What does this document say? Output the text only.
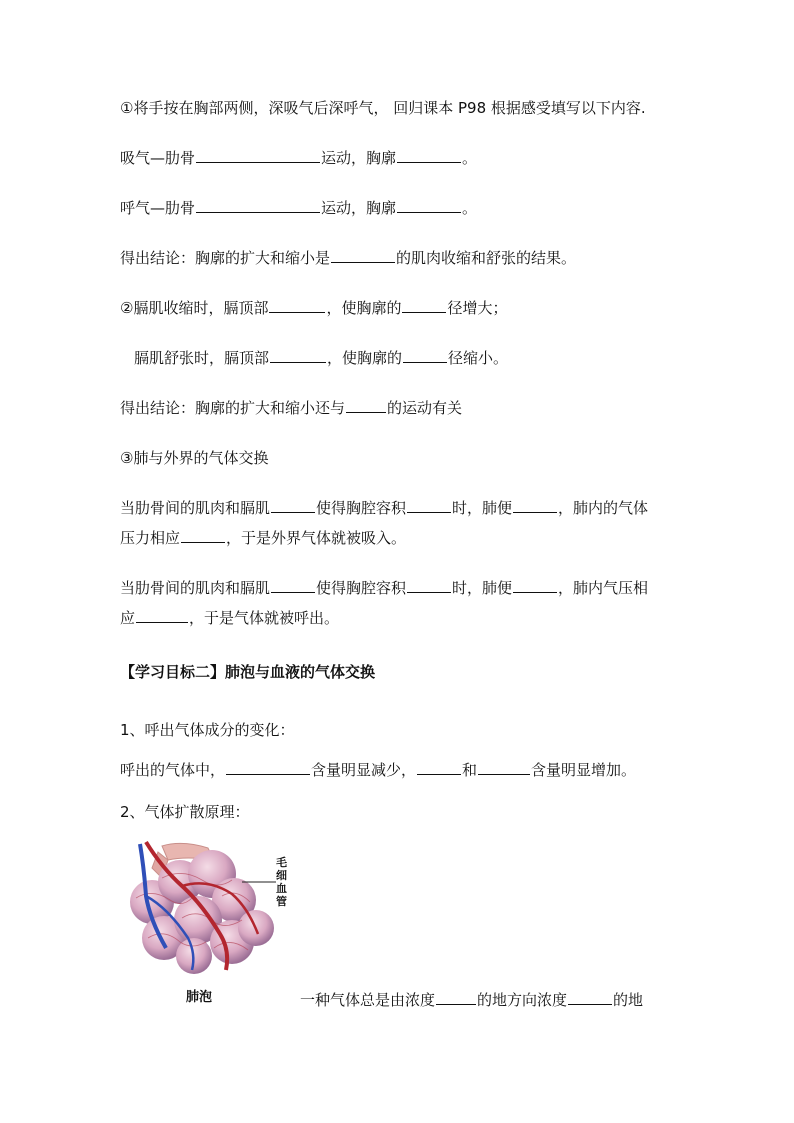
①将手按在胸部两侧，深吸气后深呼气， 回归课本 P98 根据感受填写以下内容.
吸气—肋骨	运动，胸廓	。
呼气—肋骨	运动，胸廓	。
得出结论：胸廓的扩大和缩小是	的肌肉收缩和舒张的结果。
②膈肌收缩时，膈顶部	，使胸廓的	径增大；
膈肌舒张时，膈顶部	，使胸廓的	径缩小。
得出结论：胸廓的扩大和缩小还与	的运动有关
③肺与外界的气体交换
当肋骨间的肌肉和膈肌	使得胸腔容积	时，肺便	，肺内的气体
压力相应	，于是外界气体就被吸入。
当肋骨间的肌肉和膈肌	使得胸腔容积	时，肺便	，肺内气压相
应	，于是气体就被呼出。
【学习目标二】肺泡与血液的气体交换
1、呼出气体成分的变化：
呼出的气体中，	含量明显减少，	和	含量明显增加。
2、气体扩散原理：
毛细血管
肺泡	一种气体总是由浓度	的地方向浓度	的地
